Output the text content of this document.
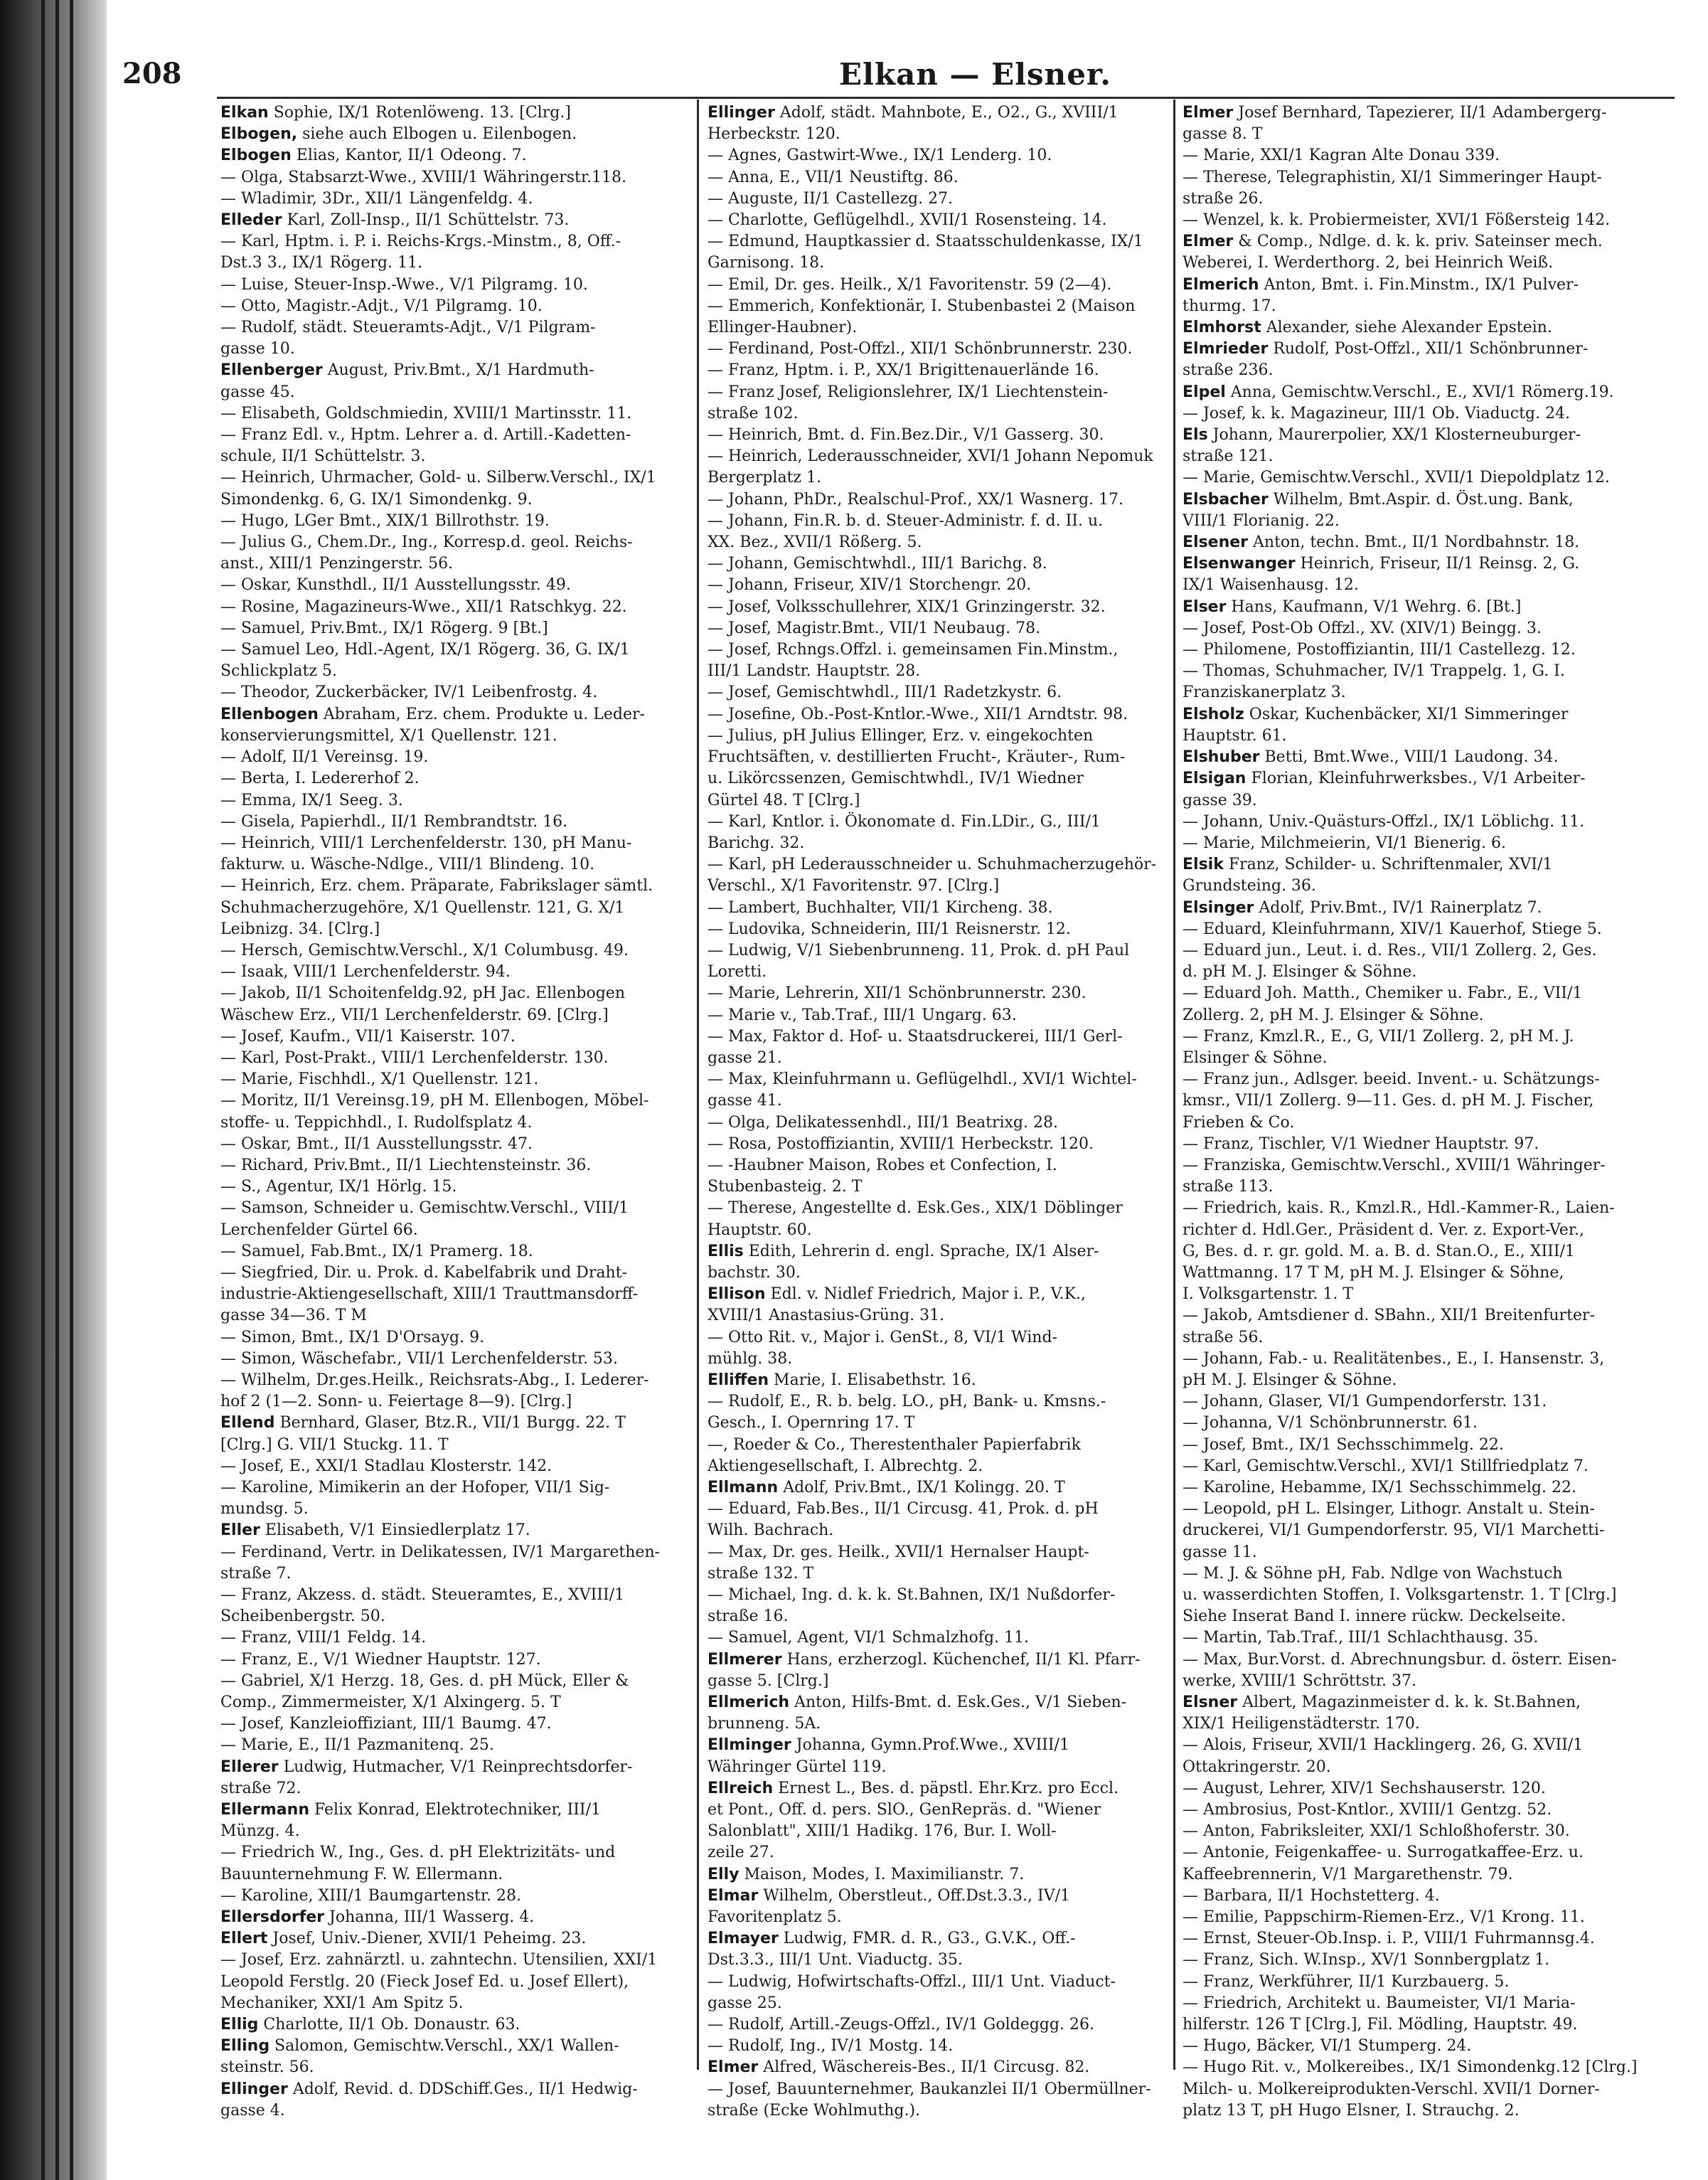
208	Elkan — Elsner.
Elkan Sophie, IX/1 Rotenlöweng. 13. [Clrg.]
Elbogen, siehe auch Elbogen u. Eilenbogen.
Elbogen Elias, Kantor, II/1 Odeong. 7.
— Olga, Stabsarzt-Wwe., XVIII/1 Währingerstr.118.
— Wladimir, 3Dr., XII/1 Längenfeldg. 4.
Elleder Karl, Zoll-Insp., II/1 Schüttelstr. 73.
— Karl, Hptm. i. P. i. Reichs-Krgs.-Minstm., 8, Off.-
Dst.3 3., IX/1 Rögerg. 11.
— Luise, Steuer-Insp.-Wwe., V/1 Pilgramg. 10.
— Otto, Magistr.-Adjt., V/1 Pilgramg. 10.
— Rudolf, städt. Steueramts-Adjt., V/1 Pilgram-
gasse 10.
Ellenberger August, Priv.Bmt., X/1 Hardmuth-
gasse 45.
— Elisabeth, Goldschmiedin, XVIII/1 Martinsstr. 11.
— Franz Edl. v., Hptm. Lehrer a. d. Artill.-Kadetten-
schule, II/1 Schüttelstr. 3.
— Heinrich, Uhrmacher, Gold- u. Silberw.Verschl., IX/1
Simondenkg. 6, G. IX/1 Simondenkg. 9.
— Hugo, LGer Bmt., XIX/1 Billrothstr. 19.
— Julius G., Chem.Dr., Ing., Korresp.d. geol. Reichs-
anst., XIII/1 Penzingerstr. 56.
— Oskar, Kunsthdl., II/1 Ausstellungsstr. 49.
— Rosine, Magazineurs-Wwe., XII/1 Ratschkyg. 22.
— Samuel, Priv.Bmt., IX/1 Rögerg. 9 [Bt.]
— Samuel Leo, Hdl.-Agent, IX/1 Rögerg. 36, G. IX/1
Schlickplatz 5.
— Theodor, Zuckerbäcker, IV/1 Leibenfrostg. 4.
Ellenbogen Abraham, Erz. chem. Produkte u. Leder-
konservierungsmittel, X/1 Quellenstr. 121.
— Adolf, II/1 Vereinsg. 19.
— Berta, I. Ledererhof 2.
— Emma, IX/1 Seeg. 3.
— Gisela, Papierhdl., II/1 Rembrandtstr. 16.
— Heinrich, VIII/1 Lerchenfelderstr. 130, pH Manu-
fakturw. u. Wäsche-Ndlge., VIII/1 Blindeng. 10.
— Heinrich, Erz. chem. Präparate, Fabrikslager sämtl.
Schuhmacherzugehöre, X/1 Quellenstr. 121, G. X/1
Leibnizg. 34. [Clrg.]
— Hersch, Gemischtw.Verschl., X/1 Columbusg. 49.
— Isaak, VIII/1 Lerchenfelderstr. 94.
— Jakob, II/1 Schoitenfeldg.92, pH Jac. Ellenbogen
Wäschew Erz., VII/1 Lerchenfelderstr. 69. [Clrg.]
— Josef, Kaufm., VII/1 Kaiserstr. 107.
— Karl, Post-Prakt., VIII/1 Lerchenfelderstr. 130.
— Marie, Fischhdl., X/1 Quellenstr. 121.
— Moritz, II/1 Vereinsg.19, pH M. Ellenbogen, Möbel-
stoffe- u. Teppichhdl., I. Rudolfsplatz 4.
— Oskar, Bmt., II/1 Ausstellungsstr. 47.
— Richard, Priv.Bmt., II/1 Liechtensteinstr. 36.
— S., Agentur, IX/1 Hörlg. 15.
— Samson, Schneider u. Gemischtw.Verschl., VIII/1
Lerchenfelder Gürtel 66.
— Samuel, Fab.Bmt., IX/1 Pramerg. 18.
— Siegfried, Dir. u. Prok. d. Kabelfabrik und Draht-
industrie-Aktiengesellschaft, XIII/1 Trauttmansdorff-
gasse 34—36. T M
— Simon, Bmt., IX/1 D'Orsayg. 9.
— Simon, Wäschefabr., VII/1 Lerchenfelderstr. 53.
— Wilhelm, Dr.ges.Heilk., Reichsrats-Abg., I. Lederer-
hof 2 (1—2. Sonn- u. Feiertage 8—9). [Clrg.]
Ellend Bernhard, Glaser, Btz.R., VII/1 Burgg. 22. T
[Clrg.] G. VII/1 Stuckg. 11. T
— Josef, E., XXI/1 Stadlau Klosterstr. 142.
— Karoline, Mimikerin an der Hofoper, VII/1 Sig-
mundsg. 5.
Eller Elisabeth, V/1 Einsiedlerplatz 17.
— Ferdinand, Vertr. in Delikatessen, IV/1 Margarethen-
straße 7.
— Franz, Akzess. d. städt. Steueramtes, E., XVIII/1
Scheibenbergstr. 50.
— Franz, VIII/1 Feldg. 14.
— Franz, E., V/1 Wiedner Hauptstr. 127.
— Gabriel, X/1 Herzg. 18, Ges. d. pH Mück, Eller &
Comp., Zimmermeister, X/1 Alxingerg. 5. T
— Josef, Kanzleioffiziant, III/1 Baumg. 47.
— Marie, E., II/1 Pazmanitenq. 25.
Ellerer Ludwig, Hutmacher, V/1 Reinprechtsdorfer-
straße 72.
Ellermann Felix Konrad, Elektrotechniker, III/1
Münzg. 4.
— Friedrich W., Ing., Ges. d. pH Elektrizitäts- und
Bauunternehmung F. W. Ellermann.
— Karoline, XIII/1 Baumgartenstr. 28.
Ellersdorfer Johanna, III/1 Wasserg. 4.
Ellert Josef, Univ.-Diener, XVII/1 Peheimg. 23.
— Josef, Erz. zahnärztl. u. zahntechn. Utensilien, XXI/1
Leopold Ferstlg. 20 (Fieck Josef Ed. u. Josef Ellert),
Mechaniker, XXI/1 Am Spitz 5.
Ellig Charlotte, II/1 Ob. Donaustr. 63.
Elling Salomon, Gemischtw.Verschl., XX/1 Wallen-
steinstr. 56.
Ellinger Adolf, Revid. d. DDSchiff.Ges., II/1 Hedwig-
gasse 4.
Ellinger Adolf, städt. Mahnbote, E., O2., G., XVIII/1
Herbeckstr. 120.
— Agnes, Gastwirt-Wwe., IX/1 Lenderg. 10.
— Anna, E., VII/1 Neustiftg. 86.
— Auguste, II/1 Castellezg. 27.
— Charlotte, Geflügelhdl., XVII/1 Rosensteing. 14.
— Edmund, Hauptkassier d. Staatsschuldenkasse, IX/1
Garnisong. 18.
— Emil, Dr. ges. Heilk., X/1 Favoritenstr. 59 (2—4).
— Emmerich, Konfektionär, I. Stubenbastei 2 (Maison
Ellinger-Haubner).
— Ferdinand, Post-Offzl., XII/1 Schönbrunnerstr. 230.
— Franz, Hptm. i. P., XX/1 Brigittenauerlände 16.
— Franz Josef, Religionslehrer, IX/1 Liechtenstein-
straße 102.
— Heinrich, Bmt. d. Fin.Bez.Dir., V/1 Gasserg. 30.
— Heinrich, Lederausschneider, XVI/1 Johann Nepomuk
Bergerplatz 1.
— Johann, PhDr., Realschul-Prof., XX/1 Wasnerg. 17.
— Johann, Fin.R. b. d. Steuer-Administr. f. d. II. u.
XX. Bez., XVII/1 Rößerg. 5.
— Johann, Gemischtwhdl., III/1 Barichg. 8.
— Johann, Friseur, XIV/1 Storchengr. 20.
— Josef, Volksschullehrer, XIX/1 Grinzingerstr. 32.
— Josef, Magistr.Bmt., VII/1 Neubaug. 78.
— Josef, Rchngs.Offzl. i. gemeinsamen Fin.Minstm.,
III/1 Landstr. Hauptstr. 28.
— Josef, Gemischtwhdl., III/1 Radetzkystr. 6.
— Josefine, Ob.-Post-Kntlor.-Wwe., XII/1 Arndtstr. 98.
— Julius, pH Julius Ellinger, Erz. v. eingekochten
Fruchtsäften, v. destillierten Frucht-, Kräuter-, Rum-
u. Likörcssenzen, Gemischtwhdl., IV/1 Wiedner
Gürtel 48. T [Clrg.]
— Karl, Kntlor. i. Ökonomate d. Fin.LDir., G., III/1
Barichg. 32.
— Karl, pH Lederausschneider u. Schuhmacherzugehör-
Verschl., X/1 Favoritenstr. 97. [Clrg.]
— Lambert, Buchhalter, VII/1 Kircheng. 38.
— Ludovika, Schneiderin, III/1 Reisnerstr. 12.
— Ludwig, V/1 Siebenbrunneng. 11, Prok. d. pH Paul
Loretti.
— Marie, Lehrerin, XII/1 Schönbrunnerstr. 230.
— Marie v., Tab.Traf., III/1 Ungarg. 63.
— Max, Faktor d. Hof- u. Staatsdruckerei, III/1 Gerl-
gasse 21.
— Max, Kleinfuhrmann u. Geflügelhdl., XVI/1 Wichtel-
gasse 41.
— Olga, Delikatessenhdl., III/1 Beatrixg. 28.
— Rosa, Postoffiziantin, XVIII/1 Herbeckstr. 120.
— -Haubner Maison, Robes et Confection, I.
Stubenbasteig. 2. T
— Therese, Angestellte d. Esk.Ges., XIX/1 Döblinger
Hauptstr. 60.
Ellis Edith, Lehrerin d. engl. Sprache, IX/1 Alser-
bachstr. 30.
Ellison Edl. v. Nidlef Friedrich, Major i. P., V.K.,
XVIII/1 Anastasius-Grüng. 31.
— Otto Rit. v., Major i. GenSt., 8, VI/1 Wind-
mühlg. 38.
Elliffen Marie, I. Elisabethstr. 16.
— Rudolf, E., R. b. belg. LO., pH, Bank- u. Kmsns.-
Gesch., I. Opernring 17. T
—, Roeder & Co., Therestenthaler Papierfabrik
Aktiengesellschaft, I. Albrechtg. 2.
Ellmann Adolf, Priv.Bmt., IX/1 Kolingg. 20. T
— Eduard, Fab.Bes., II/1 Circusg. 41, Prok. d. pH
Wilh. Bachrach.
— Max, Dr. ges. Heilk., XVII/1 Hernalser Haupt-
straße 132. T
— Michael, Ing. d. k. k. St.Bahnen, IX/1 Nußdorfer-
straße 16.
— Samuel, Agent, VI/1 Schmalzhofg. 11.
Ellmerer Hans, erzherzogl. Küchenchef, II/1 Kl. Pfarr-
gasse 5. [Clrg.]
Ellmerich Anton, Hilfs-Bmt. d. Esk.Ges., V/1 Sieben-
brunneng. 5A.
Ellminger Johanna, Gymn.Prof.Wwe., XVIII/1
Währinger Gürtel 119.
Ellreich Ernest L., Bes. d. päpstl. Ehr.Krz. pro Eccl.
et Pont., Off. d. pers. SlO., GenRepräs. d. "Wiener
Salonblatt", XIII/1 Hadikg. 176, Bur. I. Woll-
zeile 27.
Elly Maison, Modes, I. Maximilianstr. 7.
Elmar Wilhelm, Oberstleut., Off.Dst.3.3., IV/1
Favoritenplatz 5.
Elmayer Ludwig, FMR. d. R., G3., G.V.K., Off.-
Dst.3.3., III/1 Unt. Viaductg. 35.
— Ludwig, Hofwirtschafts-Offzl., III/1 Unt. Viaduct-
gasse 25.
— Rudolf, Artill.-Zeugs-Offzl., IV/1 Goldeggg. 26.
— Rudolf, Ing., IV/1 Mostg. 14.
Elmer Alfred, Wäschereis-Bes., II/1 Circusg. 82.
— Josef, Bauunternehmer, Baukanzlei II/1 Obermüllner-
straße (Ecke Wohlmuthg.).
Elmer Josef Bernhard, Tapezierer, II/1 Adambergerg-
gasse 8. T
— Marie, XXI/1 Kagran Alte Donau 339.
— Therese, Telegraphistin, XI/1 Simmeringer Haupt-
straße 26.
— Wenzel, k. k. Probiermeister, XVI/1 Fößersteig 142.
Elmer & Comp., Ndlge. d. k. k. priv. Sateinser mech.
Weberei, I. Werderthorg. 2, bei Heinrich Weiß.
Elmerich Anton, Bmt. i. Fin.Minstm., IX/1 Pulver-
thurmg. 17.
Elmhorst Alexander, siehe Alexander Epstein.
Elmrieder Rudolf, Post-Offzl., XII/1 Schönbrunner-
straße 236.
Elpel Anna, Gemischtw.Verschl., E., XVI/1 Römerg.19.
— Josef, k. k. Magazineur, III/1 Ob. Viaductg. 24.
Els Johann, Maurerpolier, XX/1 Klosterneuburger-
straße 121.
— Marie, Gemischtw.Verschl., XVII/1 Diepoldplatz 12.
Elsbacher Wilhelm, Bmt.Aspir. d. Öst.ung. Bank,
VIII/1 Florianig. 22.
Elsener Anton, techn. Bmt., II/1 Nordbahnstr. 18.
Elsenwanger Heinrich, Friseur, II/1 Reinsg. 2, G.
IX/1 Waisenhausg. 12.
Elser Hans, Kaufmann, V/1 Wehrg. 6. [Bt.]
— Josef, Post-Ob Offzl., XV. (XIV/1) Beingg. 3.
— Philomene, Postoffiziantin, III/1 Castellezg. 12.
— Thomas, Schuhmacher, IV/1 Trappelg. 1, G. I.
Franziskanerplatz 3.
Elsholz Oskar, Kuchenbäcker, XI/1 Simmeringer
Hauptstr. 61.
Elshuber Betti, Bmt.Wwe., VIII/1 Laudong. 34.
Elsigan Florian, Kleinfuhrwerksbes., V/1 Arbeiter-
gasse 39.
— Johann, Univ.-Quästurs-Offzl., IX/1 Löblichg. 11.
— Marie, Milchmeierin, VI/1 Bienerig. 6.
Elsik Franz, Schilder- u. Schriftenmaler, XVI/1
Grundsteing. 36.
Elsinger Adolf, Priv.Bmt., IV/1 Rainerplatz 7.
— Eduard, Kleinfuhrmann, XIV/1 Kauerhof, Stiege 5.
— Eduard jun., Leut. i. d. Res., VII/1 Zollerg. 2, Ges.
d. pH M. J. Elsinger & Söhne.
— Eduard Joh. Matth., Chemiker u. Fabr., E., VII/1
Zollerg. 2, pH M. J. Elsinger & Söhne.
— Franz, Kmzl.R., E., G, VII/1 Zollerg. 2, pH M. J.
Elsinger & Söhne.
— Franz jun., Adlsger. beeid. Invent.- u. Schätzungs-
kmsr., VII/1 Zollerg. 9—11. Ges. d. pH M. J. Fischer,
Frieben & Co.
— Franz, Tischler, V/1 Wiedner Hauptstr. 97.
— Franziska, Gemischtw.Verschl., XVIII/1 Währinger-
straße 113.
— Friedrich, kais. R., Kmzl.R., Hdl.-Kammer-R., Laien-
richter d. Hdl.Ger., Präsident d. Ver. z. Export-Ver.,
G, Bes. d. r. gr. gold. M. a. B. d. Stan.O., E., XIII/1
Wattmanng. 17 T M, pH M. J. Elsinger & Söhne,
I. Volksgartenstr. 1. T
— Jakob, Amtsdiener d. SBahn., XII/1 Breitenfurter-
straße 56.
— Johann, Fab.- u. Realitätenbes., E., I. Hansenstr. 3,
pH M. J. Elsinger & Söhne.
— Johann, Glaser, VI/1 Gumpendorferstr. 131.
— Johanna, V/1 Schönbrunnerstr. 61.
— Josef, Bmt., IX/1 Sechsschimmelg. 22.
— Karl, Gemischtw.Verschl., XVI/1 Stillfriedplatz 7.
— Karoline, Hebamme, IX/1 Sechsschimmelg. 22.
— Leopold, pH L. Elsinger, Lithogr. Anstalt u. Stein-
druckerei, VI/1 Gumpendorferstr. 95, VI/1 Marchetti-
gasse 11.
— M. J. & Söhne pH, Fab. Ndlge von Wachstuch
u. wasserdichten Stoffen, I. Volksgartenstr. 1. T [Clrg.]
Siehe Inserat Band I. innere rückw. Deckelseite.
— Martin, Tab.Traf., III/1 Schlachthausg. 35.
— Max, Bur.Vorst. d. Abrechnungsbur. d. österr. Eisen-
werke, XVIII/1 Schröttstr. 37.
Elsner Albert, Magazinmeister d. k. k. St.Bahnen,
XIX/1 Heiligenstädterstr. 170.
— Alois, Friseur, XVII/1 Hacklingerg. 26, G. XVII/1
Ottakringerstr. 20.
— August, Lehrer, XIV/1 Sechshauserstr. 120.
— Ambrosius, Post-Kntlor., XVIII/1 Gentzg. 52.
— Anton, Fabriksleiter, XXI/1 Schloßhoferstr. 30.
— Antonie, Feigenkaffee- u. Surrogatkaffee-Erz. u.
Kaffeebrennerin, V/1 Margarethenstr. 79.
— Barbara, II/1 Hochstetterg. 4.
— Emilie, Pappschirm-Riemen-Erz., V/1 Krong. 11.
— Ernst, Steuer-Ob.Insp. i. P., VIII/1 Fuhrmannsg.4.
— Franz, Sich. W.Insp., XV/1 Sonnbergplatz 1.
— Franz, Werkführer, II/1 Kurzbauerg. 5.
— Friedrich, Architekt u. Baumeister, VI/1 Maria-
hilferstr. 126 T [Clrg.], Fil. Mödling, Hauptstr. 49.
— Hugo, Bäcker, VI/1 Stumperg. 24.
— Hugo Rit. v., Molkereibes., IX/1 Simondenkg.12 [Clrg.]
Milch- u. Molkereiprodukten-Verschl. XVII/1 Dorner-
platz 13 T, pH Hugo Elsner, I. Strauchg. 2.
